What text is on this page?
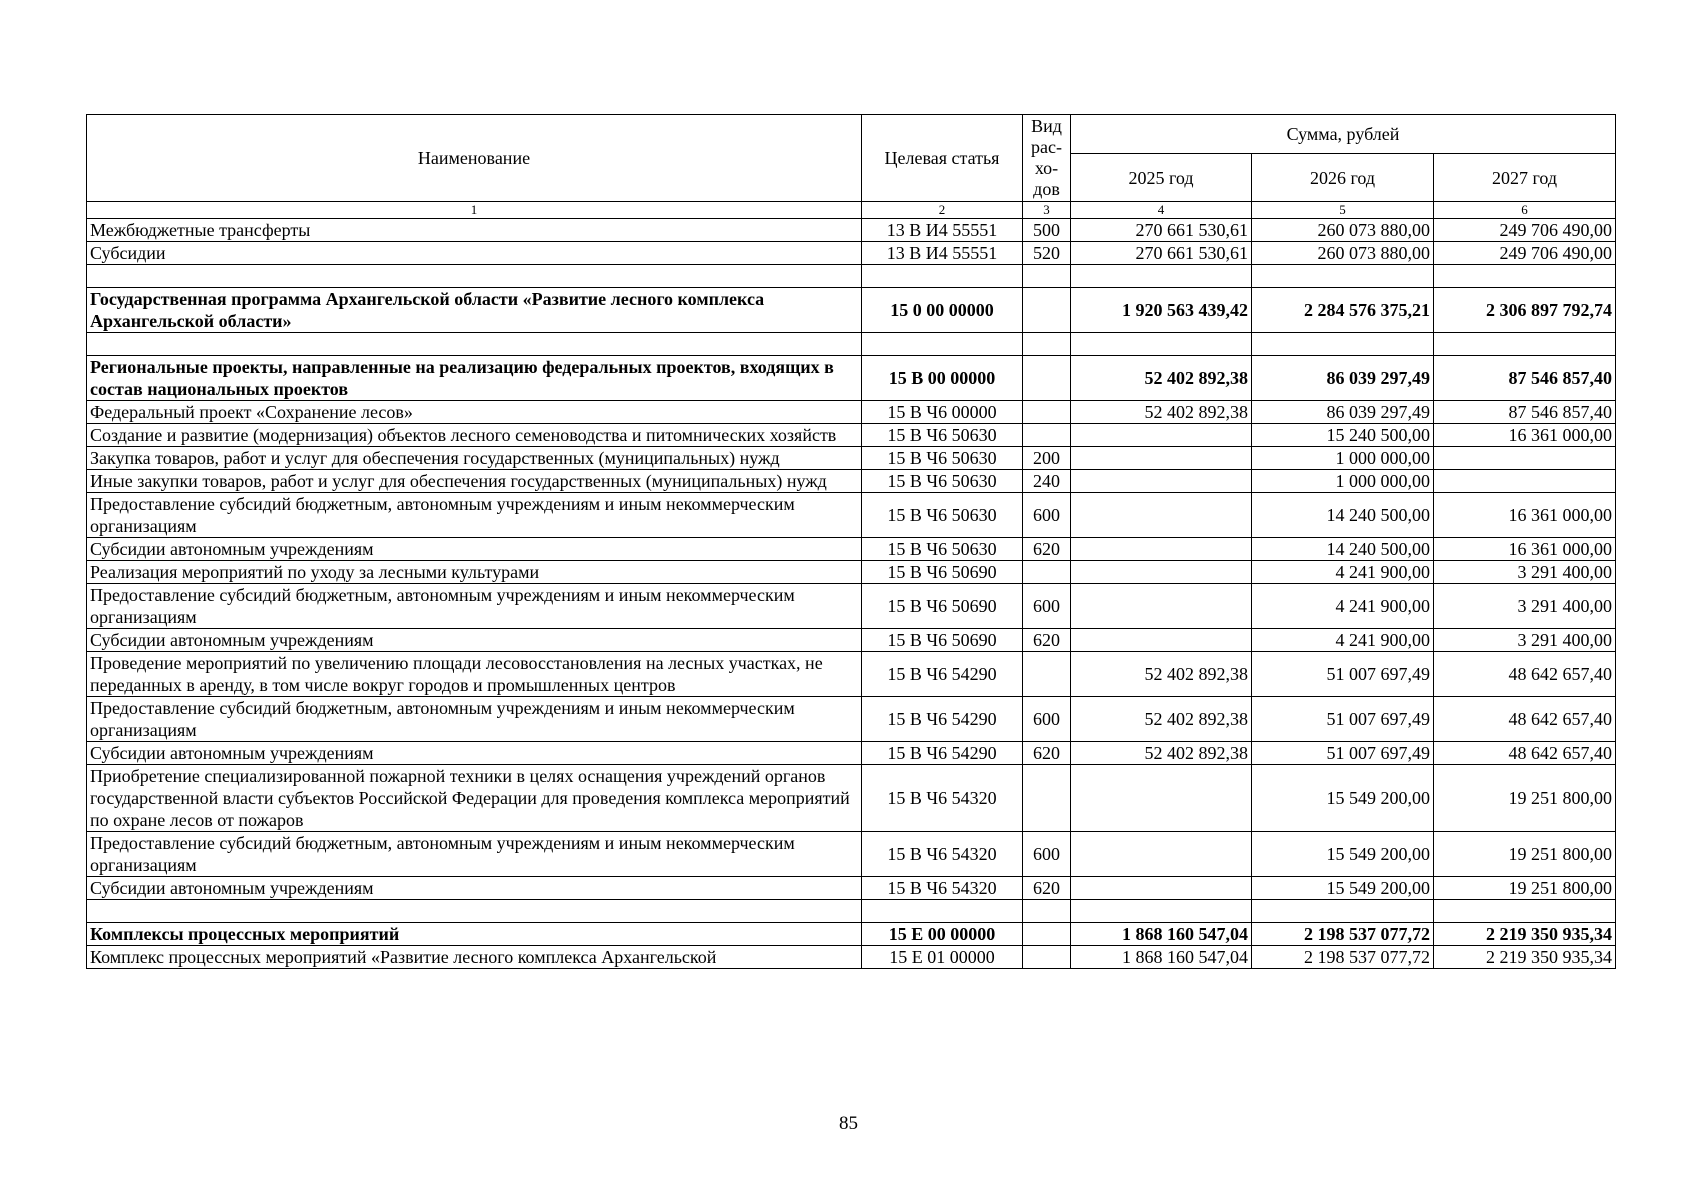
Наименование	Целевая статья	Вид рас- хо- дов	Сумма, рублей		
			2025 год	2026 год	2027 год
1	2	3	4	5	6
Межбюджетные трансферты	13 В И4 55551	500	270 661 530,61	260 073 880,00	249 706 490,00
Субсидии	13 В И4 55551	520	270 661 530,61	260 073 880,00	249 706 490,00

Государственная программа Архангельской области «Развитие лесного комплекса Архангельской области»	15 0 00 00000		1 920 563 439,42	2 284 576 375,21	2 306 897 792,74

Региональные проекты, направленные на реализацию федеральных проектов, входящих в состав национальных проектов	15 В 00 00000		52 402 892,38	86 039 297,49	87 546 857,40
Федеральный проект «Сохранение лесов»	15 В Ч6 00000		52 402 892,38	86 039 297,49	87 546 857,40
Создание и развитие (модернизация) объектов лесного семеноводства и питомнических хозяйств	15 В Ч6 50630			15 240 500,00	16 361 000,00
Закупка товаров, работ и услуг для обеспечения государственных (муниципальных) нужд	15 В Ч6 50630	200		1 000 000,00	
Иные закупки товаров, работ и услуг для обеспечения государственных (муниципальных) нужд	15 В Ч6 50630	240		1 000 000,00	
Предоставление субсидий бюджетным, автономным учреждениям и иным некоммерческим организациям	15 В Ч6 50630	600		14 240 500,00	16 361 000,00
Субсидии автономным учреждениям	15 В Ч6 50630	620		14 240 500,00	16 361 000,00
Реализация мероприятий по уходу за лесными культурами	15 В Ч6 50690			4 241 900,00	3 291 400,00
Предоставление субсидий бюджетным, автономным учреждениям и иным некоммерческим организациям	15 В Ч6 50690	600		4 241 900,00	3 291 400,00
Субсидии автономным учреждениям	15 В Ч6 50690	620		4 241 900,00	3 291 400,00
Проведение мероприятий по увеличению площади лесовосстановления на лесных участках, не переданных в аренду, в том числе вокруг городов и промышленных центров	15 В Ч6 54290		52 402 892,38	51 007 697,49	48 642 657,40
Предоставление субсидий бюджетным, автономным учреждениям и иным некоммерческим организациям	15 В Ч6 54290	600	52 402 892,38	51 007 697,49	48 642 657,40
Субсидии автономным учреждениям	15 В Ч6 54290	620	52 402 892,38	51 007 697,49	48 642 657,40
Приобретение специализированной пожарной техники в целях оснащения учреждений органов государственной власти субъектов Российской Федерации для проведения комплекса мероприятий по охране лесов от пожаров	15 В Ч6 54320			15 549 200,00	19 251 800,00
Предоставление субсидий бюджетным, автономным учреждениям и иным некоммерческим организациям	15 В Ч6 54320	600		15 549 200,00	19 251 800,00
Субсидии автономным учреждениям	15 В Ч6 54320	620		15 549 200,00	19 251 800,00

Комплексы процессных мероприятий	15 Е 00 00000		1 868 160 547,04	2 198 537 077,72	2 219 350 935,34
Комплекс процессных мероприятий «Развитие лесного комплекса Архангельской	15 Е 01 00000		1 868 160 547,04	2 198 537 077,72	2 219 350 935,34
85
